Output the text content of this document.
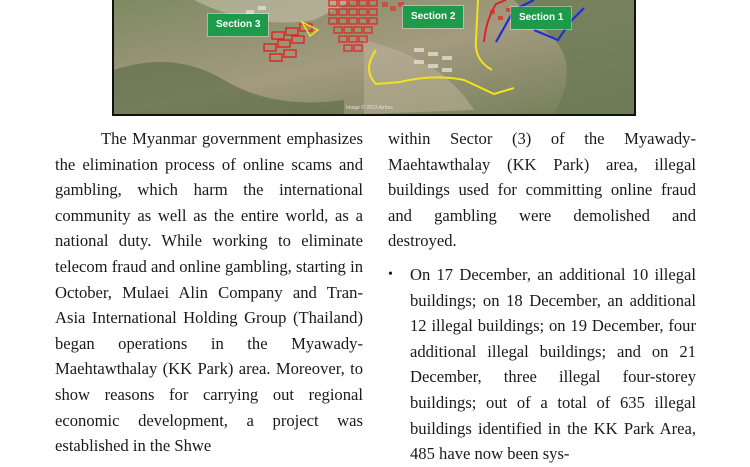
Section 3
Section 2	Section 1
Image © 2023 Airbus

The Myanmar government emphasizes the elimination process of online scams and gambling, which harm the international community as well as the entire world, as a national duty. While working to eliminate telecom fraud and online gambling, starting in October, Mulaei Alin Company and Tran-Asia International Holding Group (Thailand) began operations in the Myawady-Maehtawthalay (KK Park) area. Moreover, to show reasons for carrying out regional economic development, a project was established in the Shwe

within Sector (3) of the Myawady-Maehtawthalay (KK Park) area, illegal buildings used for committing online fraud and gambling were demolished and destroyed.

• On 17 December, an additional 10 illegal buildings; on 18 December, an additional 12 illegal buildings; on 19 December, four additional illegal buildings; and on 21 December, three illegal four-storey buildings; out of a total of 635 illegal buildings identified in the KK Park Area, 485 have now been sys-
